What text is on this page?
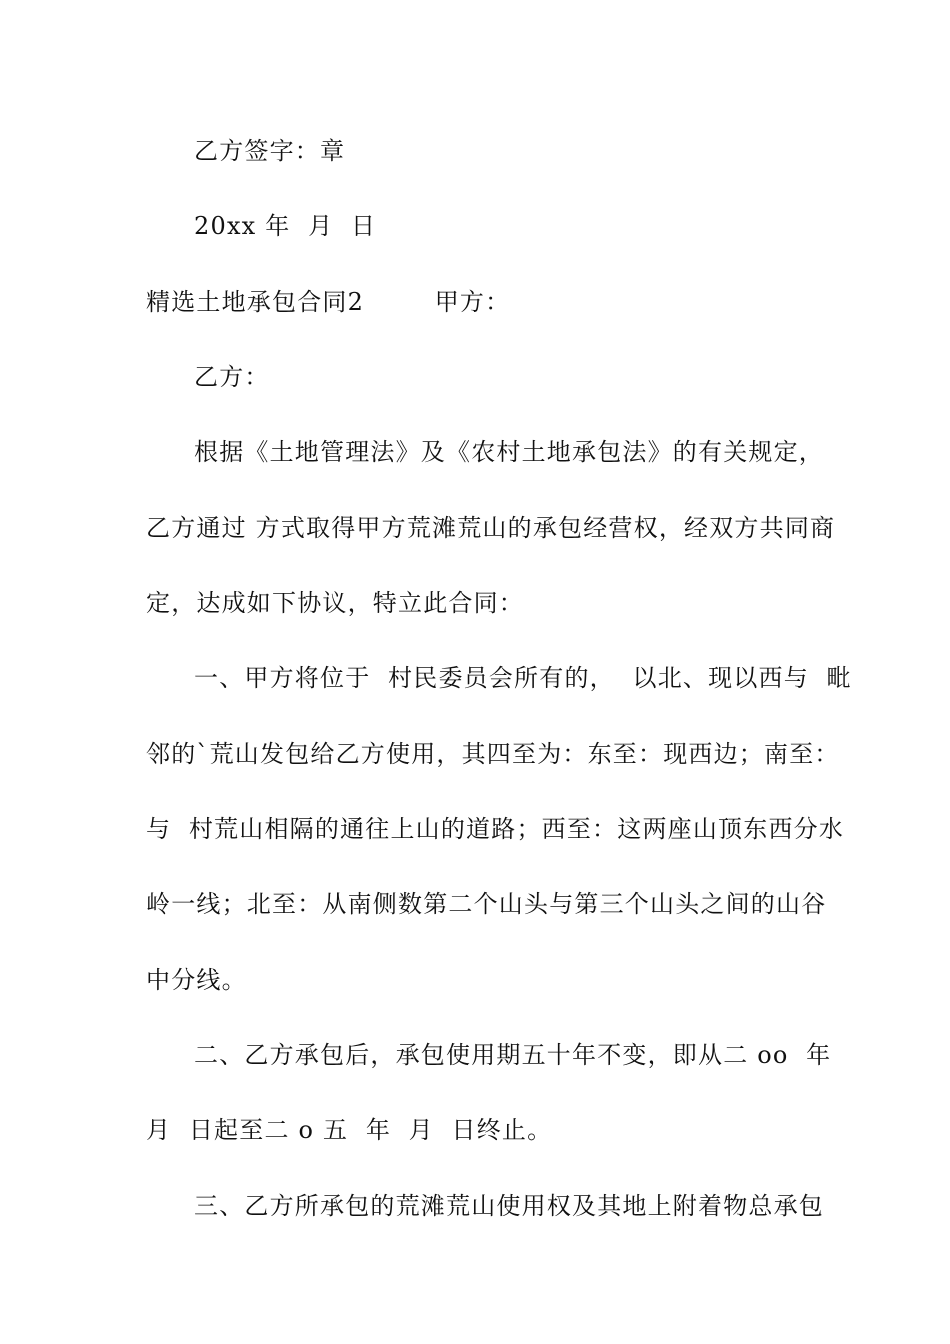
乙方签字：章
20xx 年  月  日
精选土地承包合同2        甲方：
乙方：
根据《土地管理法》及《农村土地承包法》的有关规定，
乙方通过 方式取得甲方荒滩荒山的承包经营权，经双方共同商
定，达成如下协议，特立此合同：
一、甲方将位于  村民委员会所有的，  以北、现以西与  毗
邻的`荒山发包给乙方使用，其四至为：东至：现西边；南至：
与  村荒山相隔的通往上山的道路；西至：这两座山顶东西分水
岭一线；北至：从南侧数第二个山头与第三个山头之间的山谷
中分线。
二、乙方承包后，承包使用期五十年不变，即从二 oo  年
月  日起至二 o 五  年  月  日终止。
三、乙方所承包的荒滩荒山使用权及其地上附着物总承包
